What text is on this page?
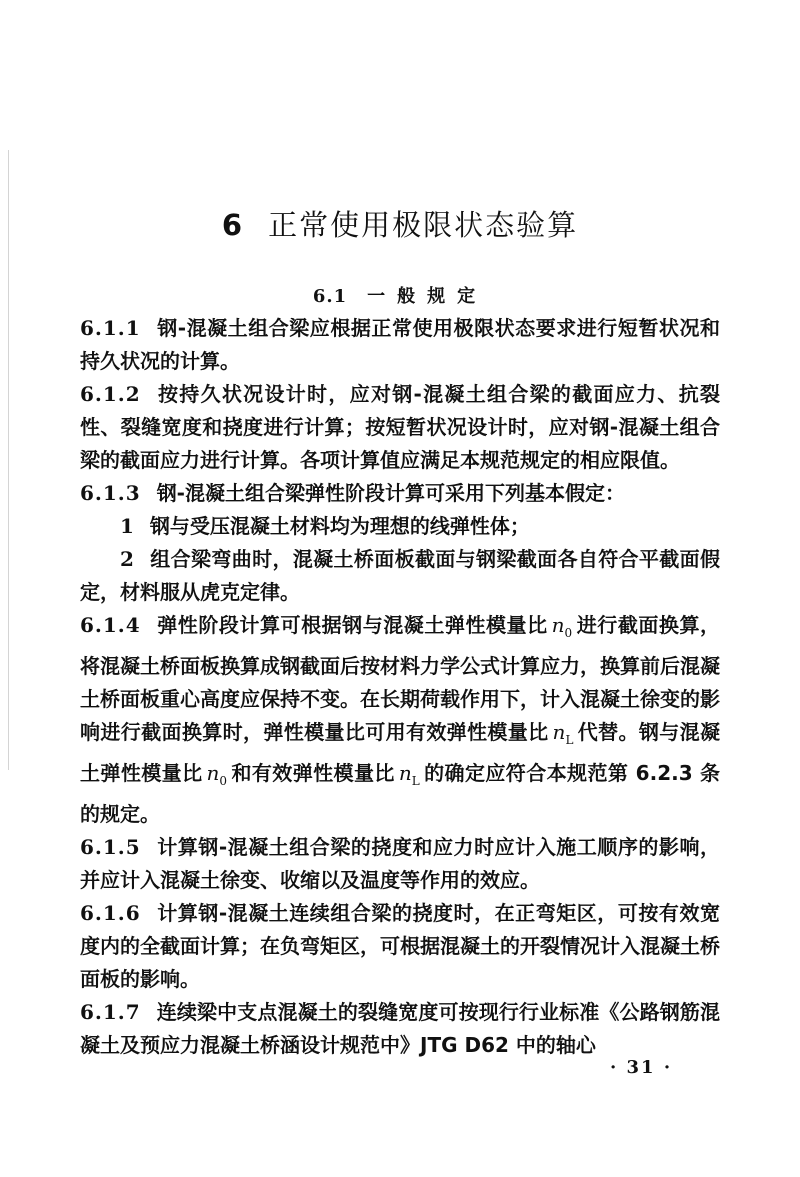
6 正常使用极限状态验算
6.1 一般规定

6.1.1 钢-混凝土组合梁应根据正常使用极限状态要求进行短暂状况和持久状况的计算。

6.1.2 按持久状况设计时，应对钢-混凝土组合梁的截面应力、抗裂性、裂缝宽度和挠度进行计算；按短暂状况设计时，应对钢-混凝土组合梁的截面应力进行计算。各项计算值应满足本规范规定的相应限值。

6.1.3 钢-混凝土组合梁弹性阶段计算可采用下列基本假定：

1 钢与受压混凝土材料均为理想的线弹性体；

2 组合梁弯曲时，混凝土桥面板截面与钢梁截面各自符合平截面假定，材料服从虎克定律。

6.1.4 弹性阶段计算可根据钢与混凝土弹性模量比 $n_0$ 进行截面换算，将混凝土桥面板换算成钢截面后按材料力学公式计算应力，换算前后混凝土桥面板重心高度应保持不变。在长期荷载作用下，计入混凝土徐变的影响进行截面换算时，弹性模量比可用有效弹性模量比 $n_L$ 代替。钢与混凝土弹性模量比 $n_0$ 和有效弹性模量比 $n_L$ 的确定应符合本规范第 6.2.3 条的规定。

6.1.5 计算钢-混凝土组合梁的挠度和应力时应计入施工顺序的影响，并应计入混凝土徐变、收缩以及温度等作用的效应。

6.1.6 计算钢-混凝土连续组合梁的挠度时，在正弯矩区，可按有效宽度内的全截面计算；在负弯矩区，可根据混凝土的开裂情况计入混凝土桥面板的影响。

6.1.7 连续梁中支点混凝土的裂缝宽度可按现行行业标准《公路钢筋混凝土及预应力混凝土桥涵设计规范中》JTG D62 中的轴心

· 31 ·
